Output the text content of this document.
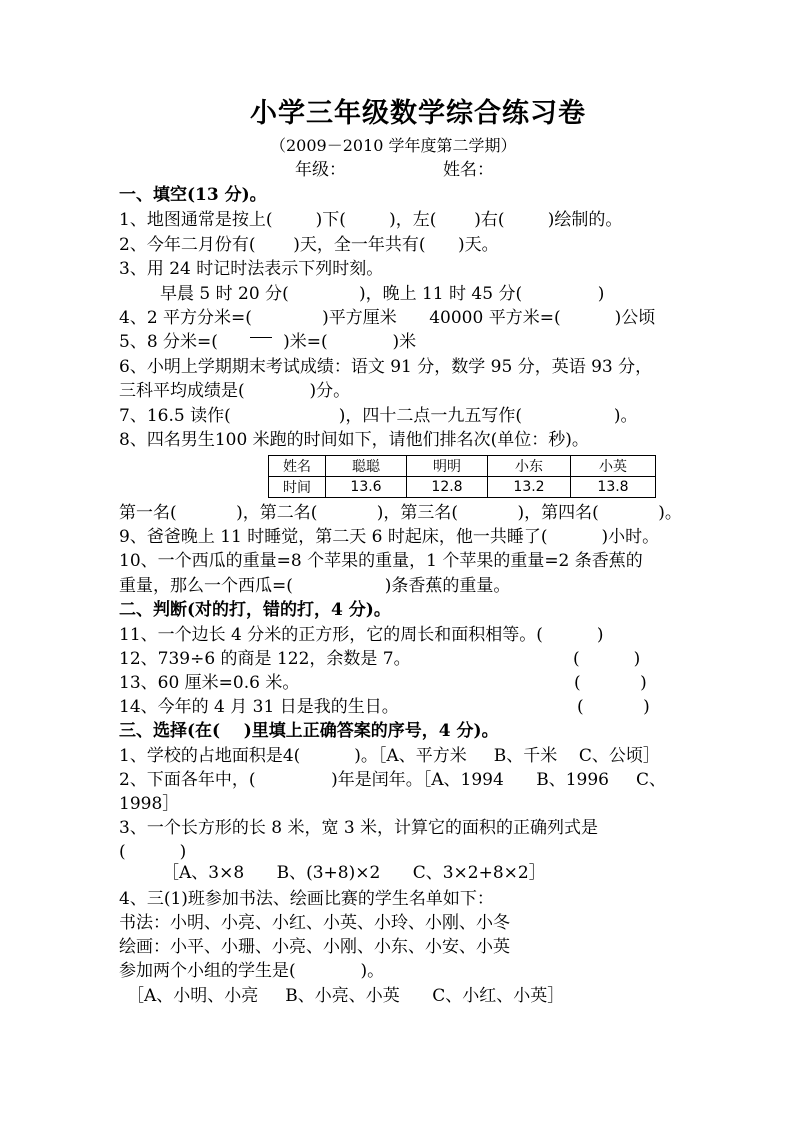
小学三年级数学综合练习卷
（2009－2010 学年度第二学期）
年级：	姓名：
一、填空(13 分)。
1、地图通常是按上(        )下(        )，左(       )右(        )绘制的。
2、今年二月份有(       )天，全一年共有(      )天。
3、用 24 时记时法表示下列时刻。
早晨 5 时 20 分(             )，晚上 11 时 45 分(              )
4、2 平方分米=(             )平方厘米      40000 平方米=(          )公顷
5、8 分米=(	)米=(            )米
6、小明上学期期末考试成绩：语文 91 分，数学 95 分，英语 93 分，
三科平均成绩是(            )分。
7、16.5 读作(                    )，四十二点一九五写作(                 )。
8、四名男生100 米跑的时间如下，请他们排名次(单位：秒)。
姓名	聪聪	明明	小东	小英
时间	13.6	12.8	13.2	13.8
第一名(           )，第二名(           )，第三名(           )，第四名(           )。
9、爸爸晚上 11 时睡觉，第二天 6 时起床，他一共睡了(          )小时。
10、一个西瓜的重量=8 个苹果的重量，1 个苹果的重量=2 条香蕉的
重量，那么一个西瓜=(                 )条香蕉的重量。
二、判断(对的打，错的打，4 分)。
11、一个边长 4 分米的正方形，它的周长和面积相等。(          )
12、739÷6 的商是 122，余数是 7。	(          )
13、60 厘米=0.6 米。	(           )
14、今年的 4 月 31 日是我的生日。	(           )
三、选择(在(    )里填上正确答案的序号，4 分)。
1、学校的占地面积是4(          )。［A、平方米     B、千米    C、公顷］
2、下面各年中，(              )年是闰年。［A、1994      B、1996     C、
1998］
3、一个长方形的长 8 米，宽 3 米，计算它的面积的正确列式是
(          )
［A、3×8      B、(3+8)×2      C、3×2+8×2］
4、三(1)班参加书法、绘画比赛的学生名单如下：
书法：小明、小亮、小红、小英、小玲、小刚、小冬
绘画：小平、小珊、小亮、小刚、小东、小安、小英
参加两个小组的学生是(            )。
［A、小明、小亮     B、小亮、小英      C、小红、小英］
